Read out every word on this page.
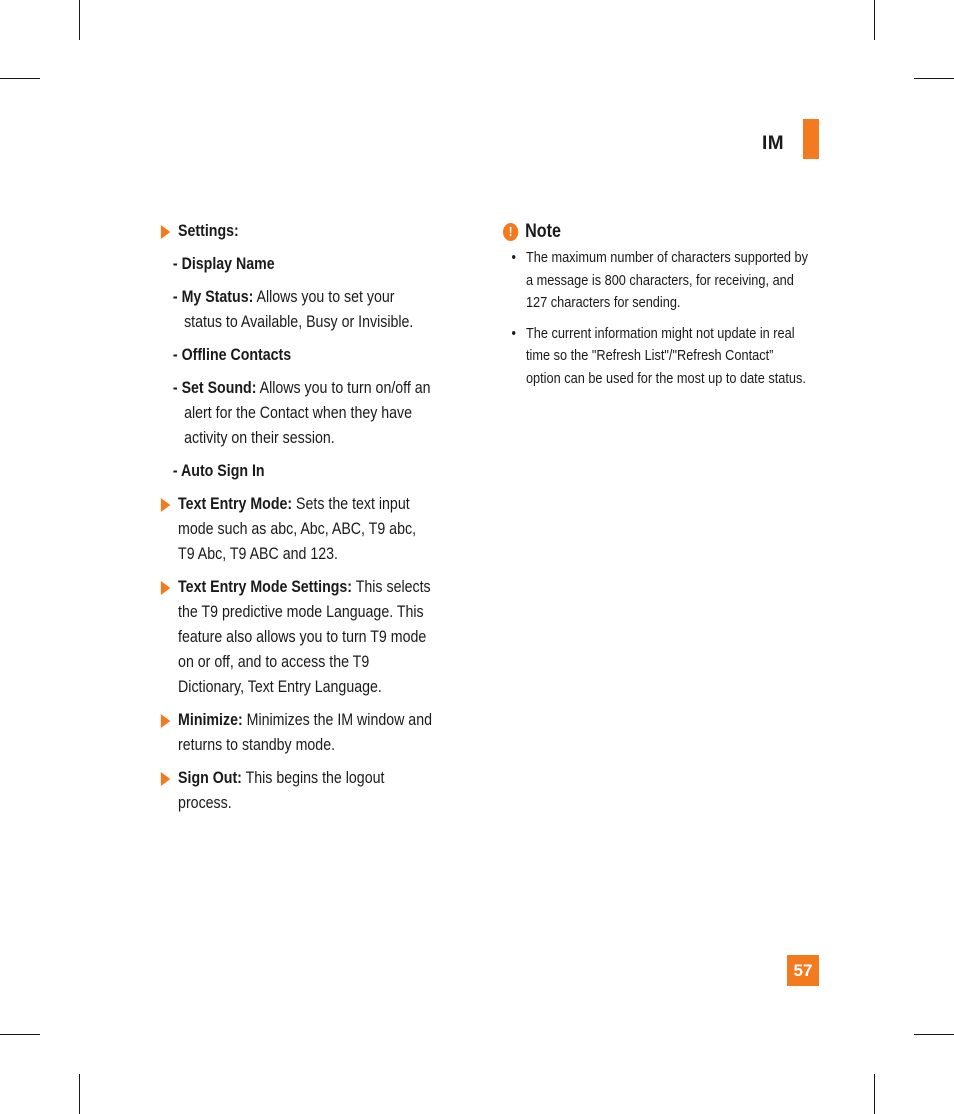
IM
Settings:
- Display Name
- My Status: Allows you to set your status to Available, Busy or Invisible.
- Offline Contacts
- Set Sound: Allows you to turn on/off an alert for the Contact when they have activity on their session.
- Auto Sign In
Text Entry Mode: Sets the text input mode such as abc, Abc, ABC, T9 abc, T9 Abc, T9 ABC and 123.
Text Entry Mode Settings: This selects the T9 predictive mode Language. This feature also allows you to turn T9 mode on or off, and to access the T9 Dictionary, Text Entry Language.
Minimize: Minimizes the IM window and returns to standby mode.
Sign Out: This begins the logout process.
! Note
• The maximum number of characters supported by a message is 800 characters, for receiving, and 127 characters for sending.
• The current information might not update in real time so the "Refresh List"/"Refresh Contact” option can be used for the most up to date status.
57
